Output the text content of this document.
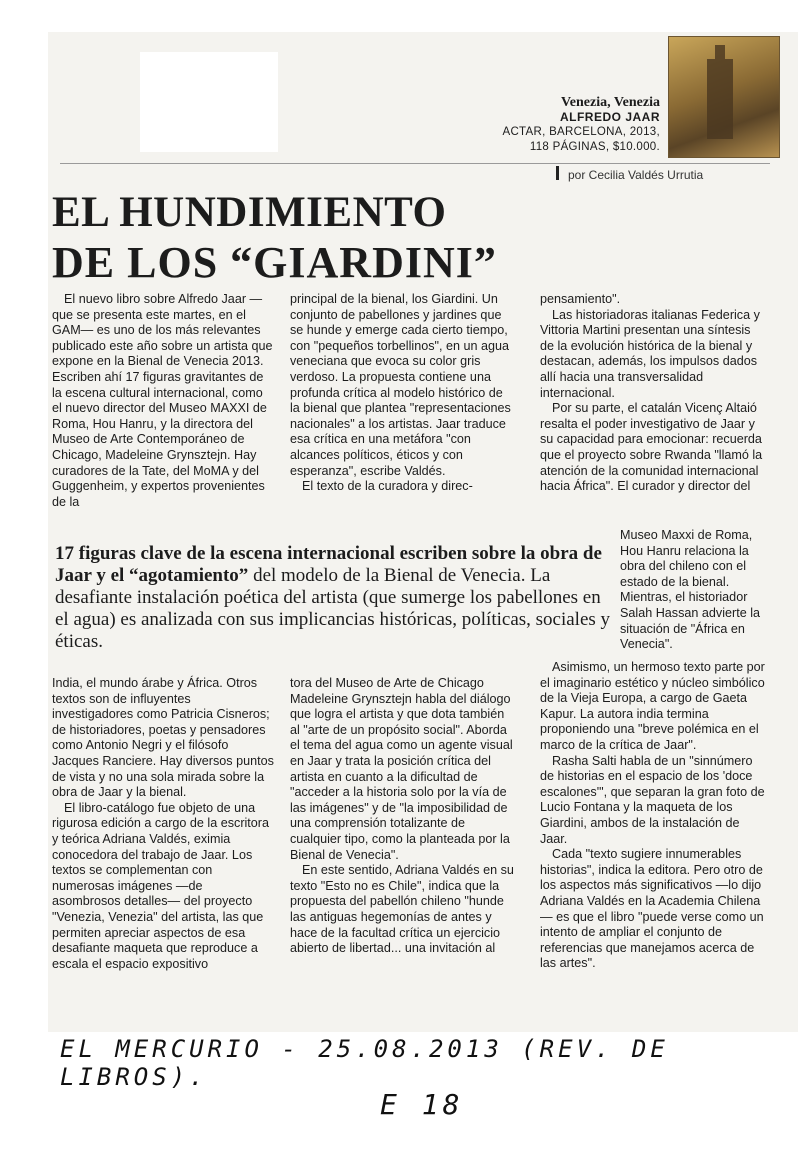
Venezia, Venezia
ALFREDO JAAR
ACTAR, BARCELONA, 2013,
118 PÁGINAS, $10.000.
por Cecilia Valdés Urrutia
EL HUNDIMIENTO
DE LOS “GIARDINI”

El nuevo libro sobre Alfredo Jaar —que se presenta este martes, en el GAM— es uno de los más relevantes publicado este año sobre un artista que expone en la Bienal de Venecia 2013. Escriben ahí 17 figuras gravitantes de la escena cultural internacional, como el nuevo director del Museo MAXXI de Roma, Hou Hanru, y la directora del Museo de Arte Contemporáneo de Chicago, Madeleine Grynsztejn. Hay curadores de la Tate, del MoMA y del Guggenheim, y expertos provenientes de la

principal de la bienal, los Giardini. Un conjunto de pabellones y jardines que se hunde y emerge cada cierto tiempo, con "pequeños torbellinos", en un agua veneciana que evoca su color gris verdoso. La propuesta contiene una profunda crítica al modelo histórico de la bienal que plantea "representaciones nacionales" a los artistas. Jaar traduce esa crítica en una metáfora "con alcances políticos, éticos y con esperanza", escribe Valdés.

El texto de la curadora y direc-

pensamiento".

Las historiadoras italianas Federica y Vittoria Martini presentan una síntesis de la evolución histórica de la bienal y destacan, además, los impulsos dados allí hacia una transversalidad internacional.

Por su parte, el catalán Vicenç Altaió resalta el poder investigativo de Jaar y su capacidad para emocionar: recuerda que el proyecto sobre Rwanda "llamó la atención de la comunidad internacional hacia África". El curador y director del

Museo Maxxi de Roma, Hou Hanru relaciona la obra del chileno con el estado de la bienal. Mientras, el historiador Salah Hassan advierte la situación de "África en Venecia".

Asimismo, un hermoso texto parte por el imaginario estético y núcleo simbólico de la Vieja Europa, a cargo de Gaeta Kapur. La autora india termina proponiendo una "breve polémica en el marco de la crítica de Jaar".

Rasha Salti habla de un "sinnúmero de historias en el espacio de los 'doce escalones'", que separan la gran foto de Lucio Fontana y la maqueta de los Giardini, ambos de la instalación de Jaar.

Cada "texto sugiere innumerables historias", indica la editora. Pero otro de los aspectos más significativos —lo dijo Adriana Valdés en la Academia Chilena— es que el libro "puede verse como un intento de ampliar el conjunto de referencias que manejamos acerca de las artes".

17 figuras clave de la escena internacional escriben sobre la obra de Jaar y el “agotamiento” del modelo de la Bienal de Venecia. La desafiante instalación poética del artista (que sumerge los pabellones en el agua) es analizada con sus implicancias históricas, políticas, sociales y éticas.

India, el mundo árabe y África. Otros textos son de influyentes investigadores como Patricia Cisneros; de historiadores, poetas y pensadores como Antonio Negri y el filósofo Jacques Ranciere. Hay diversos puntos de vista y no una sola mirada sobre la obra de Jaar y la bienal.

El libro-catálogo fue objeto de una rigurosa edición a cargo de la escritora y teórica Adriana Valdés, eximia conocedora del trabajo de Jaar. Los textos se complementan con numerosas imágenes —de asombrosos detalles— del proyecto "Venezia, Venezia" del artista, las que permiten apreciar aspectos de esa desafiante maqueta que reproduce a escala el espacio expositivo

tora del Museo de Arte de Chicago Madeleine Grynsztejn habla del diálogo que logra el artista y que dota también al "arte de un propósito social". Aborda el tema del agua como un agente visual en Jaar y trata la posición crítica del artista en cuanto a la dificultad de "acceder a la historia solo por la vía de las imágenes" y de "la imposibilidad de una comprensión totalizante de cualquier tipo, como la planteada por la Bienal de Venecia".

En este sentido, Adriana Valdés en su texto "Esto no es Chile", indica que la propuesta del pabellón chileno "hunde las antiguas hegemonías de antes y hace de la facultad crítica un ejercicio abierto de libertad... una invitación al

EL MERCURIO - 25.08.2013 (REV. DE LIBROS).
E 18
